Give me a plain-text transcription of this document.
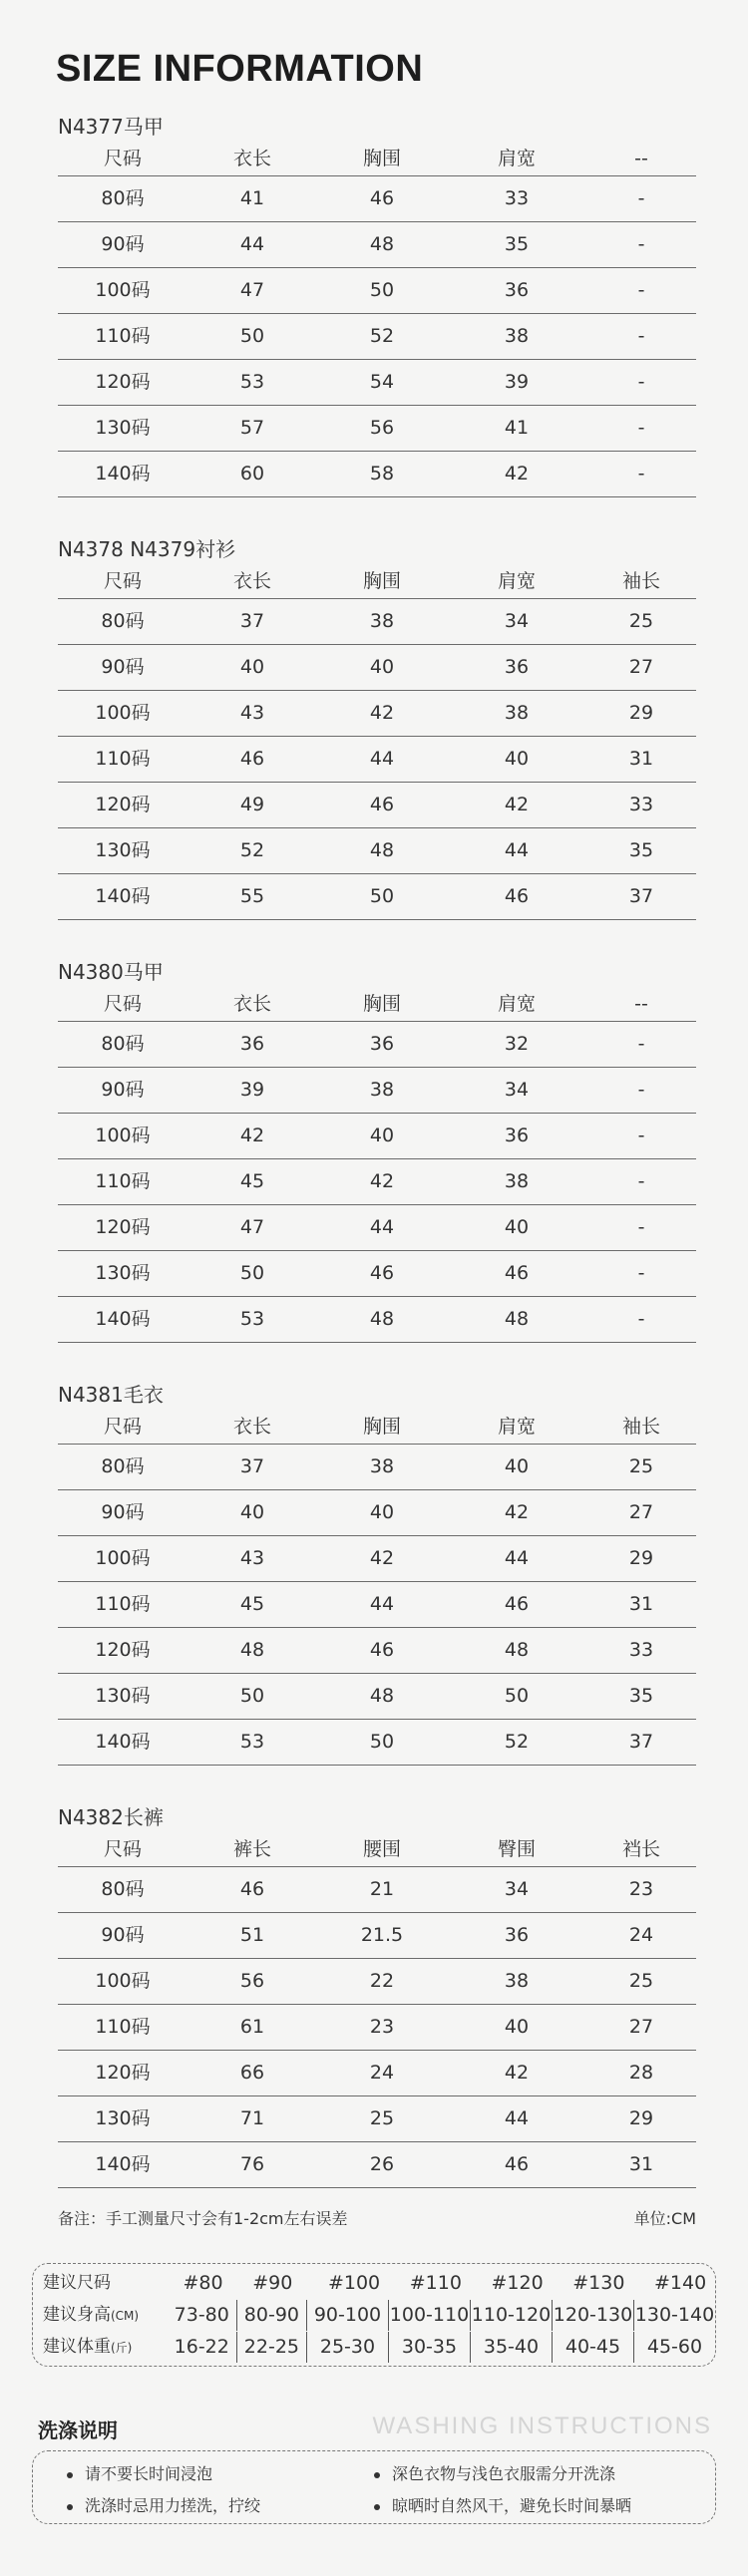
SIZE INFORMATION
N4377马甲
尺码	衣长	胸围	肩宽	--
80码	41	46	33	-
90码	44	48	35	-
100码	47	50	36	-
110码	50	52	38	-
120码	53	54	39	-
130码	57	56	41	-
140码	60	58	42	-
N4378 N4379衬衫
尺码	衣长	胸围	肩宽	袖长
80码	37	38	34	25
90码	40	40	36	27
100码	43	42	38	29
110码	46	44	40	31
120码	49	46	42	33
130码	52	48	44	35
140码	55	50	46	37
N4380马甲
尺码	衣长	胸围	肩宽	--
80码	36	36	32	-
90码	39	38	34	-
100码	42	40	36	-
110码	45	42	38	-
120码	47	44	40	-
130码	50	46	46	-
140码	53	48	48	-
N4381毛衣
尺码	衣长	胸围	肩宽	袖长
80码	37	38	40	25
90码	40	40	42	27
100码	43	42	44	29
110码	45	44	46	31
120码	48	46	48	33
130码	50	48	50	35
140码	53	50	52	37
N4382长裤
尺码	裤长	腰围	臀围	裆长
80码	46	21	34	23
90码	51	21.5	36	24
100码	56	22	38	25
110码	61	23	40	27
120码	66	24	42	28
130码	71	25	44	29
140码	76	26	46	31
备注：手工测量尺寸会有1-2cm左右误差	单位:CM
建议尺码	#80	#90	#100	#110	#120	#130	#140
建议身高(CM)	73-80 80-90 90-100 100-110 110-120 120-130 130-140
建议体重(斤)	16-22 22-25	25-30	30-35	35-40	40-45	45-60
洗涤说明	WASHING INSTRUCTIONS
请不要长时间浸泡	深色衣物与浅色衣服需分开洗涤
洗涤时忌用力搓洗，拧绞	晾晒时自然风干，避免长时间暴晒
